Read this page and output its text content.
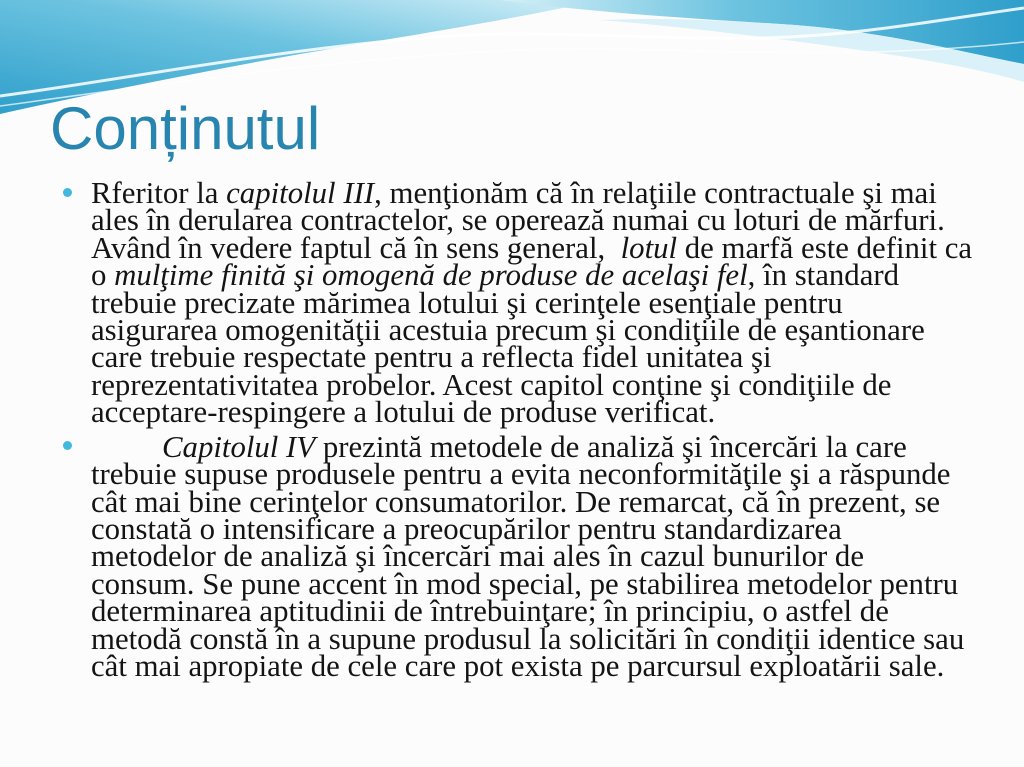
Conținutul
Rferitor la capitolul III, menţionăm că în relaţiile contractuale şi mai
ales în derularea contractelor, se operează numai cu loturi de mărfuri.
Având în vedere faptul că în sens general,  lotul de marfă este definit ca
o mulţime finită şi omogenă de produse de acelaşi fel, în standard
trebuie precizate mărimea lotului şi cerinţele esenţiale pentru
asigurarea omogenităţii acestuia precum şi condiţiile de eşantionare
care trebuie respectate pentru a reflecta fidel unitatea şi
reprezentativitatea probelor. Acest capitol conţine şi condiţiile de
acceptare-respingere a lotului de produse verificat.
Capitolul IV prezintă metodele de analiză şi încercări la care
trebuie supuse produsele pentru a evita neconformităţile şi a răspunde
cât mai bine cerinţelor consumatorilor. De remarcat, că în prezent, se
constată o intensificare a preocupărilor pentru standardizarea
metodelor de analiză şi încercări mai ales în cazul bunurilor de
consum. Se pune accent în mod special, pe stabilirea metodelor pentru
determinarea aptitudinii de întrebuinţare; în principiu, o astfel de
metodă constă în a supune produsul la solicitări în condiţii identice sau
cât mai apropiate de cele care pot exista pe parcursul exploatării sale.
